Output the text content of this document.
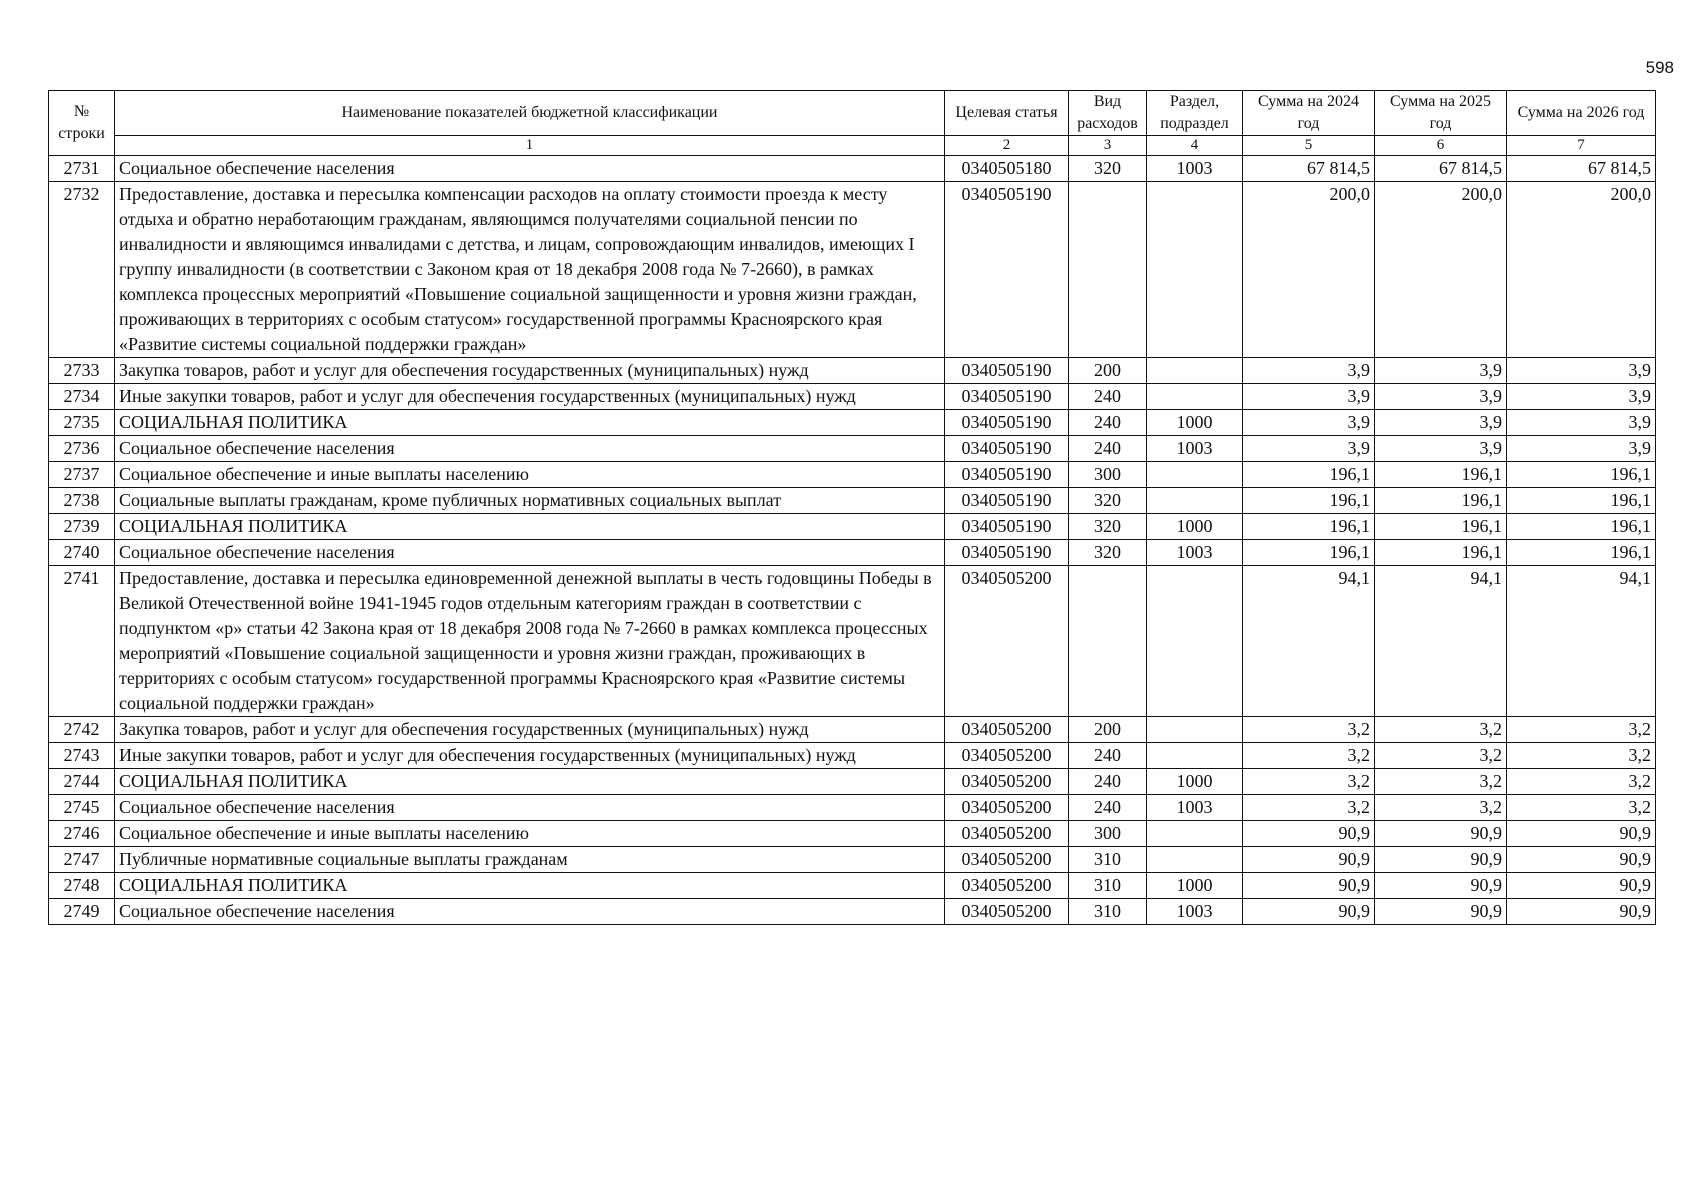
598
№ строки	Наименование показателей бюджетной классификации	Целевая статья	Вид расходов	Раздел, подраздел	Сумма на 2024 год	Сумма на 2025 год	Сумма на 2026 год
	1	2	3	4	5	6	7
2731	Социальное обеспечение населения	0340505180	320	1003	67 814,5	67 814,5	67 814,5
2732	Предоставление, доставка и пересылка компенсации расходов на оплату стоимости проезда к месту отдыха и обратно неработающим гражданам, являющимся получателями социальной пенсии по инвалидности и являющимся инвалидами с детства, и лицам, сопровождающим инвалидов, имеющих I группу инвалидности (в соответствии с Законом края от 18 декабря 2008 года № 7-2660), в рамках комплекса процессных мероприятий «Повышение социальной защищенности и уровня жизни граждан, проживающих в территориях с особым статусом» государственной программы Красноярского края «Развитие системы социальной поддержки граждан»	0340505190			200,0	200,0	200,0
2733	Закупка товаров, работ и услуг для обеспечения государственных (муниципальных) нужд	0340505190	200		3,9	3,9	3,9
2734	Иные закупки товаров, работ и услуг для обеспечения государственных (муниципальных) нужд	0340505190	240		3,9	3,9	3,9
2735	СОЦИАЛЬНАЯ ПОЛИТИКА	0340505190	240	1000	3,9	3,9	3,9
2736	Социальное обеспечение населения	0340505190	240	1003	3,9	3,9	3,9
2737	Социальное обеспечение и иные выплаты населению	0340505190	300		196,1	196,1	196,1
2738	Социальные выплаты гражданам, кроме публичных нормативных социальных выплат	0340505190	320		196,1	196,1	196,1
2739	СОЦИАЛЬНАЯ ПОЛИТИКА	0340505190	320	1000	196,1	196,1	196,1
2740	Социальное обеспечение населения	0340505190	320	1003	196,1	196,1	196,1
2741	Предоставление, доставка и пересылка единовременной денежной выплаты в честь годовщины Победы в Великой Отечественной войне 1941-1945 годов отдельным категориям граждан в соответствии с подпунктом «р» статьи 42 Закона края от 18 декабря 2008 года № 7-2660 в рамках комплекса процессных мероприятий «Повышение социальной защищенности и уровня жизни граждан, проживающих в территориях с особым статусом» государственной программы Красноярского края «Развитие системы социальной поддержки граждан»	0340505200			94,1	94,1	94,1
2742	Закупка товаров, работ и услуг для обеспечения государственных (муниципальных) нужд	0340505200	200		3,2	3,2	3,2
2743	Иные закупки товаров, работ и услуг для обеспечения государственных (муниципальных) нужд	0340505200	240		3,2	3,2	3,2
2744	СОЦИАЛЬНАЯ ПОЛИТИКА	0340505200	240	1000	3,2	3,2	3,2
2745	Социальное обеспечение населения	0340505200	240	1003	3,2	3,2	3,2
2746	Социальное обеспечение и иные выплаты населению	0340505200	300		90,9	90,9	90,9
2747	Публичные нормативные социальные выплаты гражданам	0340505200	310		90,9	90,9	90,9
2748	СОЦИАЛЬНАЯ ПОЛИТИКА	0340505200	310	1000	90,9	90,9	90,9
2749	Социальное обеспечение населения	0340505200	310	1003	90,9	90,9	90,9
